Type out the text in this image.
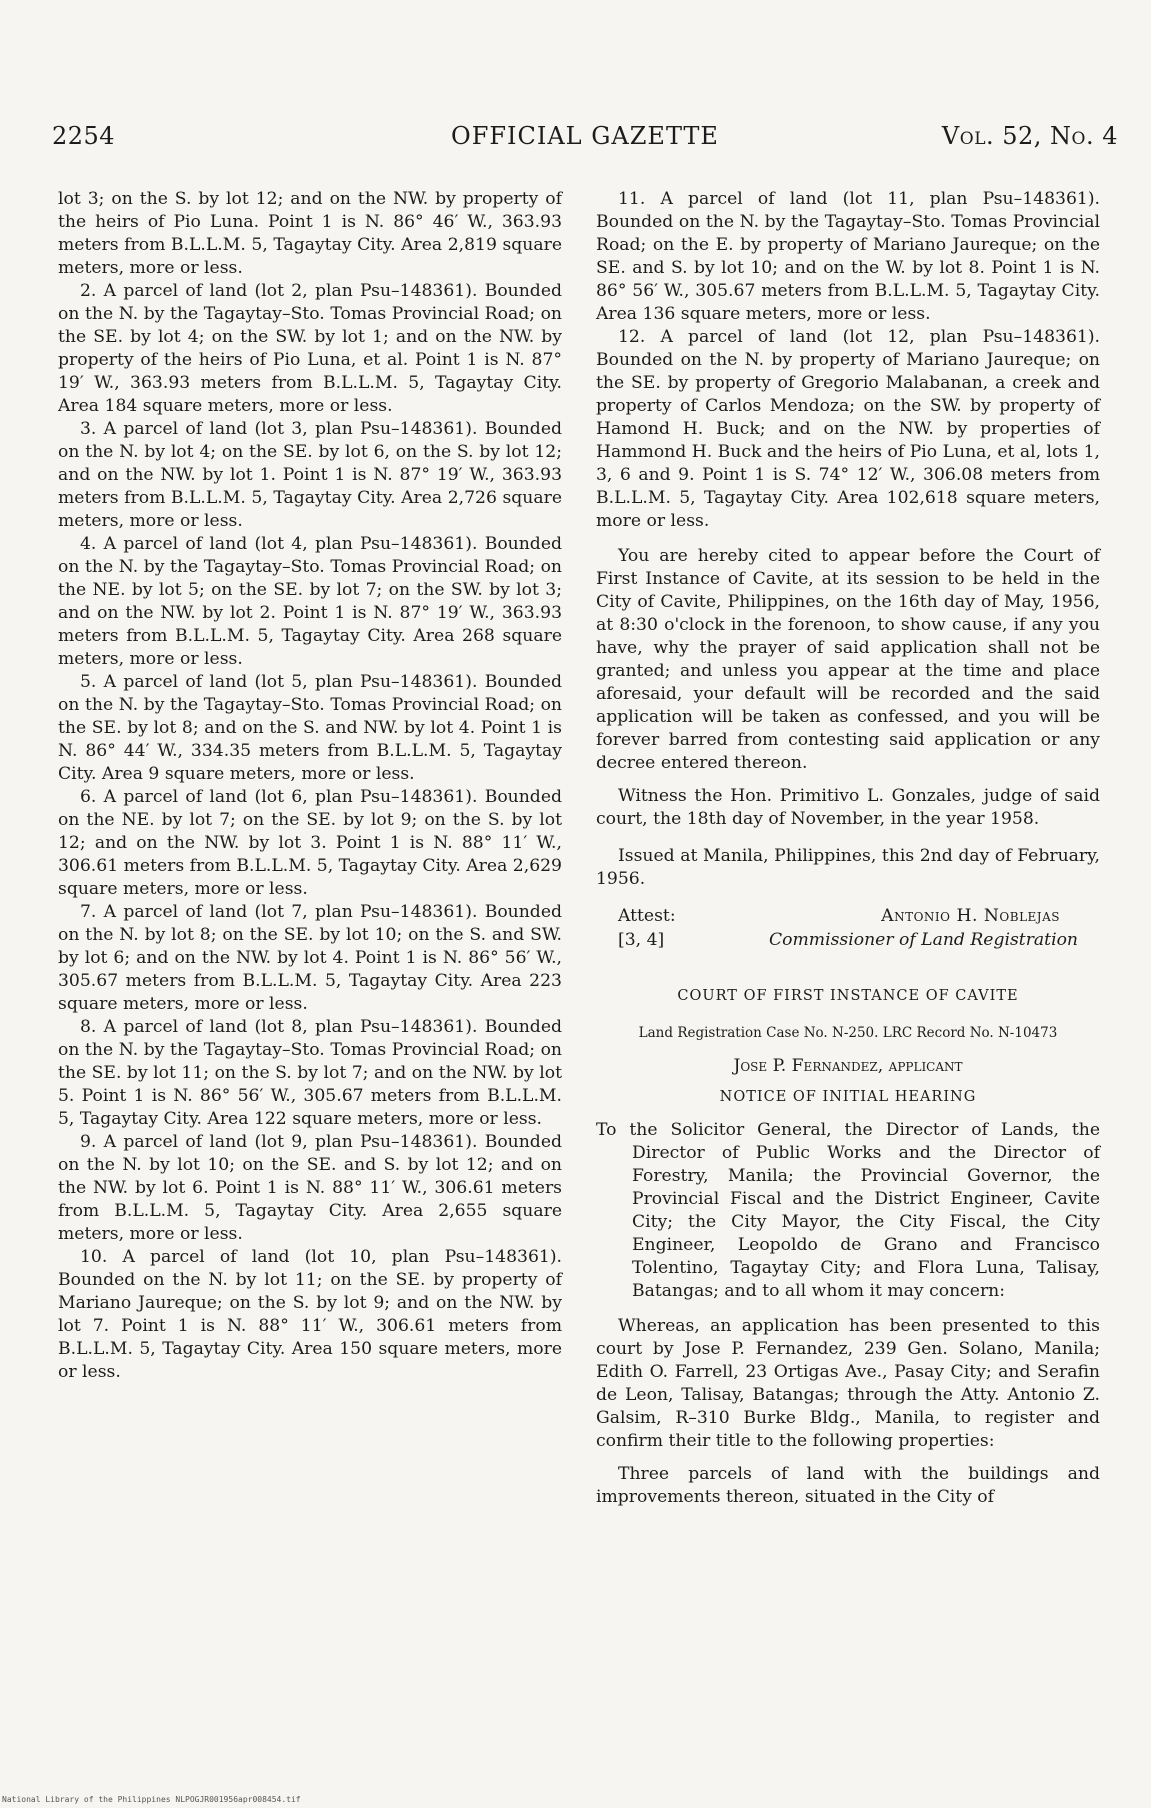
2254	OFFICIAL GAZETTE	Vol. 52, No. 4

lot 3; on the S. by lot 12; and on the NW. by property of the heirs of Pio Luna. Point 1 is N. 86° 46′ W., 363.93 meters from B.L.L.M. 5, Tagaytay City. Area 2,819 square meters, more or less.

2. A parcel of land (lot 2, plan Psu–148361). Bounded on the N. by the Tagaytay–Sto. Tomas Provincial Road; on the SE. by lot 4; on the SW. by lot 1; and on the NW. by property of the heirs of Pio Luna, et al. Point 1 is N. 87° 19′ W., 363.93 meters from B.L.L.M. 5, Tagaytay City. Area 184 square meters, more or less.

3. A parcel of land (lot 3, plan Psu–148361). Bounded on the N. by lot 4; on the SE. by lot 6, on the S. by lot 12; and on the NW. by lot 1. Point 1 is N. 87° 19′ W., 363.93 meters from B.L.L.M. 5, Tagaytay City. Area 2,726 square meters, more or less.

4. A parcel of land (lot 4, plan Psu–148361). Bounded on the N. by the Tagaytay–Sto. Tomas Provincial Road; on the NE. by lot 5; on the SE. by lot 7; on the SW. by lot 3; and on the NW. by lot 2. Point 1 is N. 87° 19′ W., 363.93 meters from B.L.L.M. 5, Tagaytay City. Area 268 square meters, more or less.

5. A parcel of land (lot 5, plan Psu–148361). Bounded on the N. by the Tagaytay–Sto. Tomas Provincial Road; on the SE. by lot 8; and on the S. and NW. by lot 4. Point 1 is N. 86° 44′ W., 334.35 meters from B.L.L.M. 5, Tagaytay City. Area 9 square meters, more or less.

6. A parcel of land (lot 6, plan Psu–148361). Bounded on the NE. by lot 7; on the SE. by lot 9; on the S. by lot 12; and on the NW. by lot 3. Point 1 is N. 88° 11′ W., 306.61 meters from B.L.L.M. 5, Tagaytay City. Area 2,629 square meters, more or less.

7. A parcel of land (lot 7, plan Psu–148361). Bounded on the N. by lot 8; on the SE. by lot 10; on the S. and SW. by lot 6; and on the NW. by lot 4. Point 1 is N. 86° 56′ W., 305.67 meters from B.L.L.M. 5, Tagaytay City. Area 223 square meters, more or less.

8. A parcel of land (lot 8, plan Psu–148361). Bounded on the N. by the Tagaytay–Sto. Tomas Provincial Road; on the SE. by lot 11; on the S. by lot 7; and on the NW. by lot 5. Point 1 is N. 86° 56′ W., 305.67 meters from B.L.L.M. 5, Tagaytay City. Area 122 square meters, more or less.

9. A parcel of land (lot 9, plan Psu–148361). Bounded on the N. by lot 10; on the SE. and S. by lot 12; and on the NW. by lot 6. Point 1 is N. 88° 11′ W., 306.61 meters from B.L.L.M. 5, Tagaytay City. Area 2,655 square meters, more or less.

10. A parcel of land (lot 10, plan Psu–148361). Bounded on the N. by lot 11; on the SE. by property of Mariano Jaureque; on the S. by lot 9; and on the NW. by lot 7. Point 1 is N. 88° 11′ W., 306.61 meters from B.L.L.M. 5, Tagaytay City. Area 150 square meters, more or less.

11. A parcel of land (lot 11, plan Psu–148361). Bounded on the N. by the Tagaytay–Sto. Tomas Provincial Road; on the E. by property of Mariano Jaureque; on the SE. and S. by lot 10; and on the W. by lot 8. Point 1 is N. 86° 56′ W., 305.67 meters from B.L.L.M. 5, Tagaytay City. Area 136 square meters, more or less.

12. A parcel of land (lot 12, plan Psu–148361). Bounded on the N. by property of Mariano Jaureque; on the SE. by property of Gregorio Malabanan, a creek and property of Carlos Mendoza; on the SW. by property of Hamond H. Buck; and on the NW. by properties of Hammond H. Buck and the heirs of Pio Luna, et al, lots 1, 3, 6 and 9. Point 1 is S. 74° 12′ W., 306.08 meters from B.L.L.M. 5, Tagaytay City. Area 102,618 square meters, more or less.

You are hereby cited to appear before the Court of First Instance of Cavite, at its session to be held in the City of Cavite, Philippines, on the 16th day of May, 1956, at 8:30 o'clock in the forenoon, to show cause, if any you have, why the prayer of said application shall not be granted; and unless you appear at the time and place aforesaid, your default will be recorded and the said application will be taken as confessed, and you will be forever barred from contesting said application or any decree entered thereon.

Witness the Hon. Primitivo L. Gonzales, judge of said court, the 18th day of November, in the year 1958.

Issued at Manila, Philippines, this 2nd day of February, 1956.

Attest:
[3, 4]
Antonio H. Noblejas
Commissioner of Land Registration
COURT OF FIRST INSTANCE OF CAVITE
Land Registration Case No. N-250. LRC Record No. N-10473
Jose P. Fernandez, applicant
NOTICE OF INITIAL HEARING

To the Solicitor General, the Director of Lands, the Director of Public Works and the Director of Forestry, Manila; the Provincial Governor, the Provincial Fiscal and the District Engineer, Cavite City; the City Mayor, the City Fiscal, the City Engineer, Leopoldo de Grano and Francisco Tolentino, Tagaytay City; and Flora Luna, Talisay, Batangas; and to all whom it may concern:

Whereas, an application has been presented to this court by Jose P. Fernandez, 239 Gen. Solano, Manila; Edith O. Farrell, 23 Ortigas Ave., Pasay City; and Serafin de Leon, Talisay, Batangas; through the Atty. Antonio Z. Galsim, R–310 Burke Bldg., Manila, to register and confirm their title to the following properties:

Three parcels of land with the buildings and improvements thereon, situated in the City of

National Library of the Philippines NLPOGJR001956apr008454.tif
